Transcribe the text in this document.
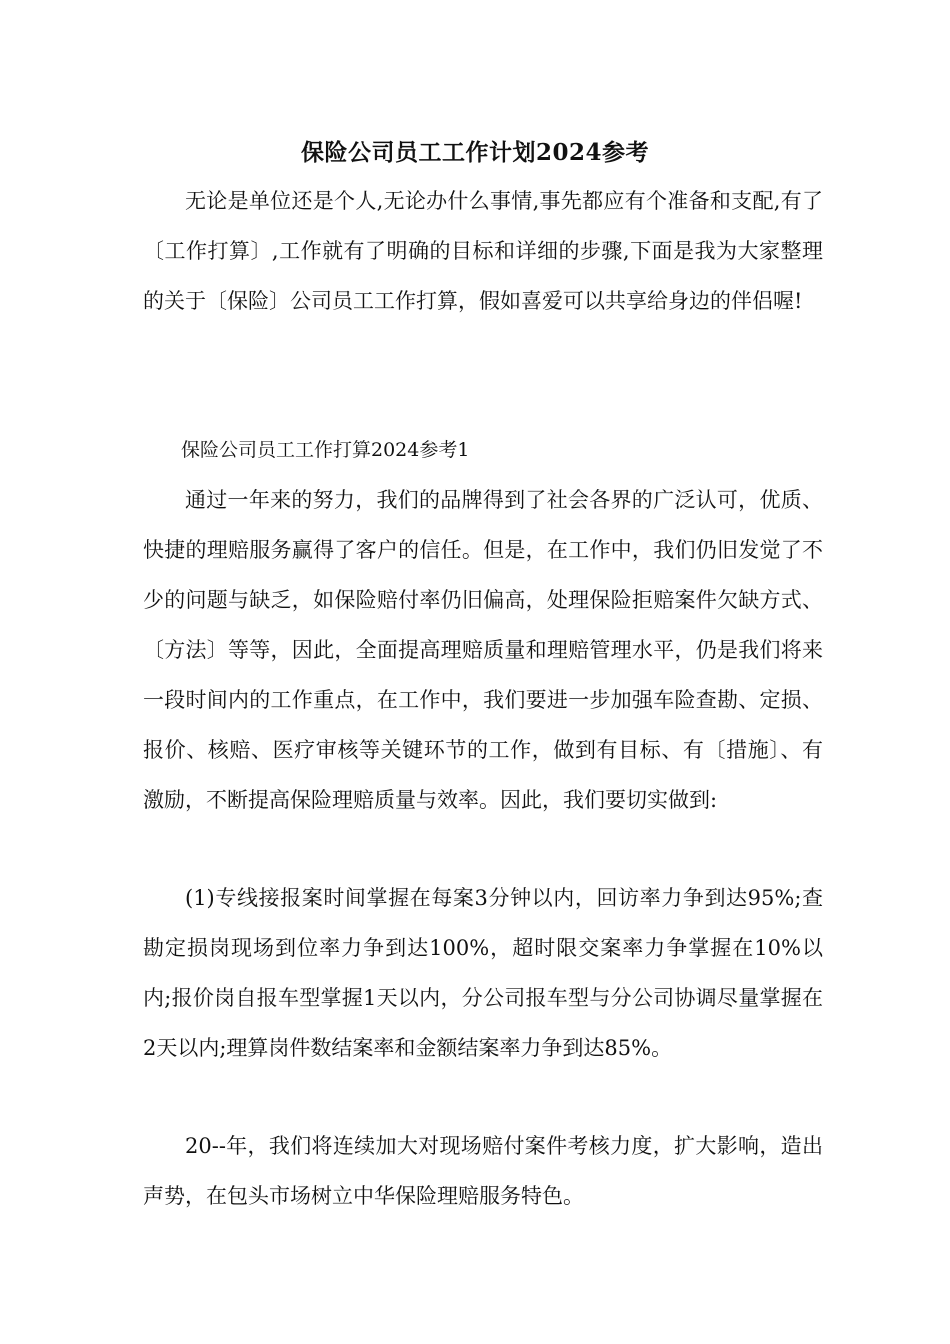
保险公司员工工作计划2024参考

无论是单位还是个人,无论办什么事情,事先都应有个准备和支配,有了〔工作打算〕,工作就有了明确的目标和详细的步骤,下面是我为大家整理的关于〔保险〕公司员工工作打算，假如喜爱可以共享给身边的伴侣喔!

保险公司员工工作打算2024参考1

通过一年来的努力，我们的品牌得到了社会各界的广泛认可，优质、快捷的理赔服务赢得了客户的信任。但是，在工作中，我们仍旧发觉了不少的问题与缺乏，如保险赔付率仍旧偏高，处理保险拒赔案件欠缺方式、〔方法〕等等，因此，全面提高理赔质量和理赔管理水平，仍是我们将来一段时间内的工作重点，在工作中，我们要进一步加强车险查勘、定损、报价、核赔、医疗审核等关键环节的工作，做到有目标、有〔措施〕、有激励，不断提高保险理赔质量与效率。因此，我们要切实做到:

(1)专线接报案时间掌握在每案3分钟以内，回访率力争到达95%;查勘定损岗现场到位率力争到达100%，超时限交案率力争掌握在10%以内;报价岗自报车型掌握1天以内，分公司报车型与分公司协调尽量掌握在2天以内;理算岗件数结案率和金额结案率力争到达85%。

20--年，我们将连续加大对现场赔付案件考核力度，扩大影响，造出声势，在包头市场树立中华保险理赔服务特色。
